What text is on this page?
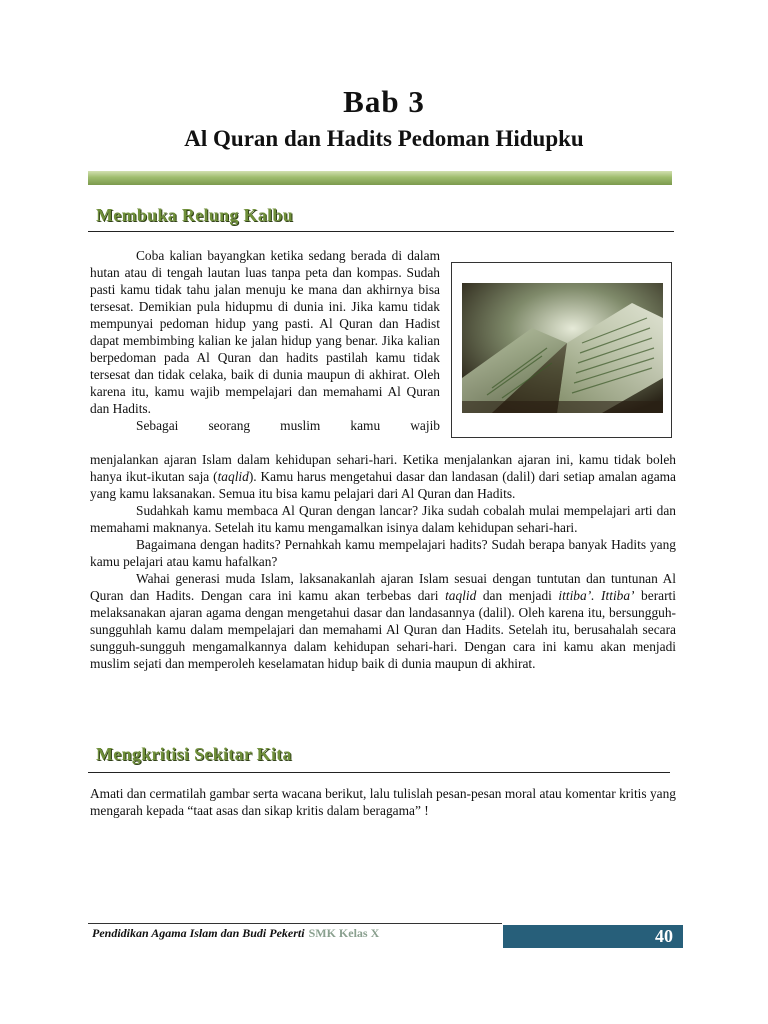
Bab 3
Al Quran dan Hadits Pedoman Hidupku
Membuka Relung Kalbu

Coba kalian bayangkan ketika sedang berada di dalam hutan atau di tengah lautan luas tanpa peta dan kompas. Sudah pasti kamu tidak tahu jalan menuju ke mana dan akhirnya bisa tersesat. Demikian pula hidupmu di dunia ini. Jika kamu tidak mempunyai pedoman hidup yang pasti. Al Quran dan Hadist dapat membimbing kalian ke jalan hidup yang benar. Jika kalian berpedoman pada Al Quran dan hadits pastilah kamu tidak tersesat dan tidak celaka, baik di dunia maupun di akhirat. Oleh karena itu, kamu wajib mempelajari dan memahami Al Quran dan Hadits.

Sebagai seorang muslim kamu wajib

menjalankan ajaran Islam dalam kehidupan sehari-hari. Ketika menjalankan ajaran ini, kamu tidak boleh hanya ikut-ikutan saja (taqlid). Kamu harus mengetahui dasar dan landasan (dalil) dari setiap amalan agama yang kamu laksanakan. Semua itu bisa kamu pelajari dari Al Quran dan Hadits.

Sudahkah kamu membaca Al Quran dengan lancar? Jika sudah cobalah mulai mempelajari arti dan memahami maknanya. Setelah itu kamu mengamalkan isinya dalam kehidupan sehari-hari.

Bagaimana dengan hadits? Pernahkah kamu mempelajari hadits? Sudah berapa banyak Hadits yang kamu pelajari atau kamu hafalkan?

Wahai generasi muda Islam, laksanakanlah ajaran Islam sesuai dengan tuntutan dan tuntunan Al Quran dan Hadits. Dengan cara ini kamu akan terbebas dari taqlid dan menjadi ittiba’. Ittiba’ berarti melaksanakan ajaran agama dengan mengetahui dasar dan landasannya (dalil). Oleh karena itu, bersungguh-sungguhlah kamu dalam mempelajari dan memahami Al Quran dan Hadits. Setelah itu, berusahalah secara sungguh-sungguh mengamalkannya dalam kehidupan sehari-hari. Dengan cara ini kamu akan menjadi muslim sejati dan memperoleh keselamatan hidup baik di dunia maupun di akhirat.

Mengkritisi Sekitar Kita
Amati dan cermatilah gambar serta wacana berikut, lalu tulislah pesan-pesan moral atau komentar kritis yang mengarah kepada “taat asas dan sikap kritis dalam beragama” !
Pendidikan Agama Islam dan Budi Pekerti SMK Kelas X	40
